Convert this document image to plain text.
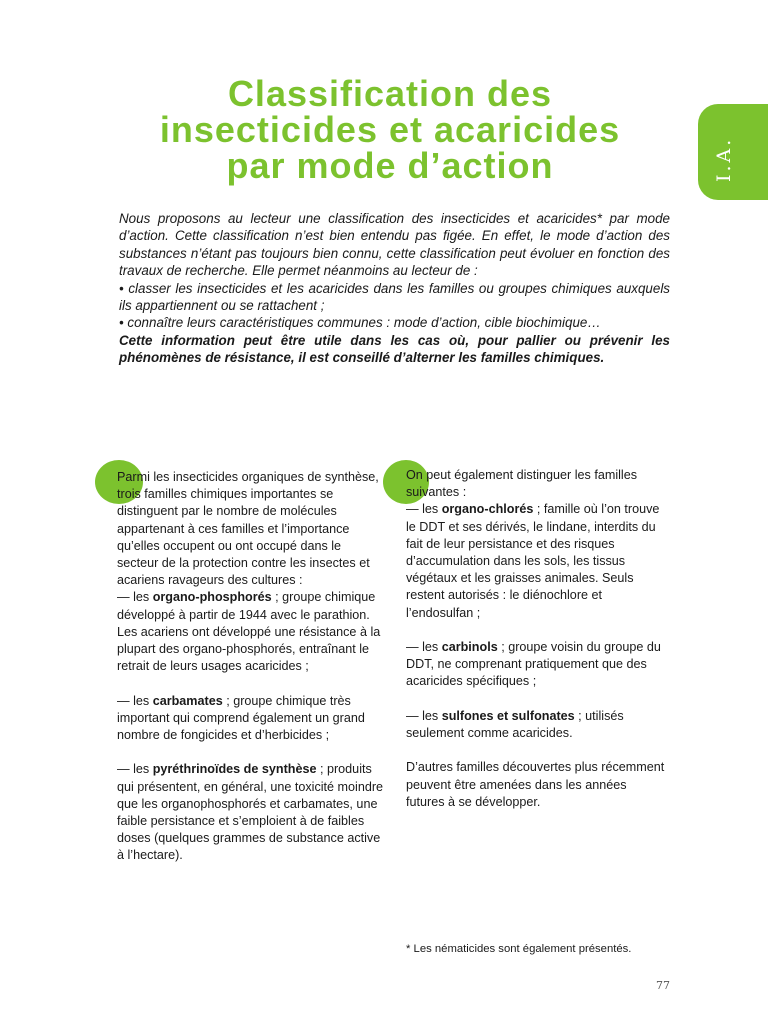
Classification des
insecticides et acaricides
par mode d’action	I.A.

Nous proposons au lecteur une classification des insecticides et acaricides* par mode d’action. Cette classification n’est bien entendu pas figée. En effet, le mode d’action des substances n’étant pas toujours bien connu, cette classification peut évoluer en fonction des travaux de recherche. Elle permet néanmoins au lecteur de :

• classer les insecticides et les acaricides dans les familles ou groupes chimiques auxquels ils appartiennent ou se rattachent ;

• connaître leurs caractéristiques communes : mode d’action, cible biochimique…

Cette information peut être utile dans les cas où, pour pallier ou prévenir les phénomènes de résistance, il est conseillé d’alterner les familles chimiques.

Parmi les insecticides organiques de synthèse, trois familles chimiques importantes se distinguent par le nombre de molécules appartenant à ces familles et l’importance qu’elles occupent ou ont occupé dans le secteur de la protection contre les insectes et acariens ravageurs des cultures :

— les organo-phosphorés ; groupe chimique développé à partir de 1944 avec le parathion. Les acariens ont développé une résistance à la plupart des organo-phosphorés, entraînant le retrait de leurs usages acaricides ;

— les carbamates ; groupe chimique très important qui comprend également un grand nombre de fongicides et d’herbicides ;

— les pyréthrinoïdes de synthèse ; produits qui présentent, en général, une toxicité moindre que les organophosphorés et carbamates, une faible persistance et s’emploient à de faibles doses (quelques grammes de substance active à l’hectare).

On peut également distinguer les familles suivantes :

— les organo-chlorés ; famille où l’on trouve le DDT et ses dérivés, le lindane, interdits du fait de leur persistance et des risques d’accumulation dans les sols, les tissus végétaux et les graisses animales. Seuls restent autorisés : le diénochlore et l’endosulfan ;

— les carbinols ; groupe voisin du groupe du DDT, ne comprenant pratiquement que des acaricides spécifiques ;

— les sulfones et sulfonates ; utilisés seulement comme acaricides.

D’autres familles découvertes plus récemment peuvent être amenées dans les années futures à se développer.

* Les nématicides sont également présentés.
77
